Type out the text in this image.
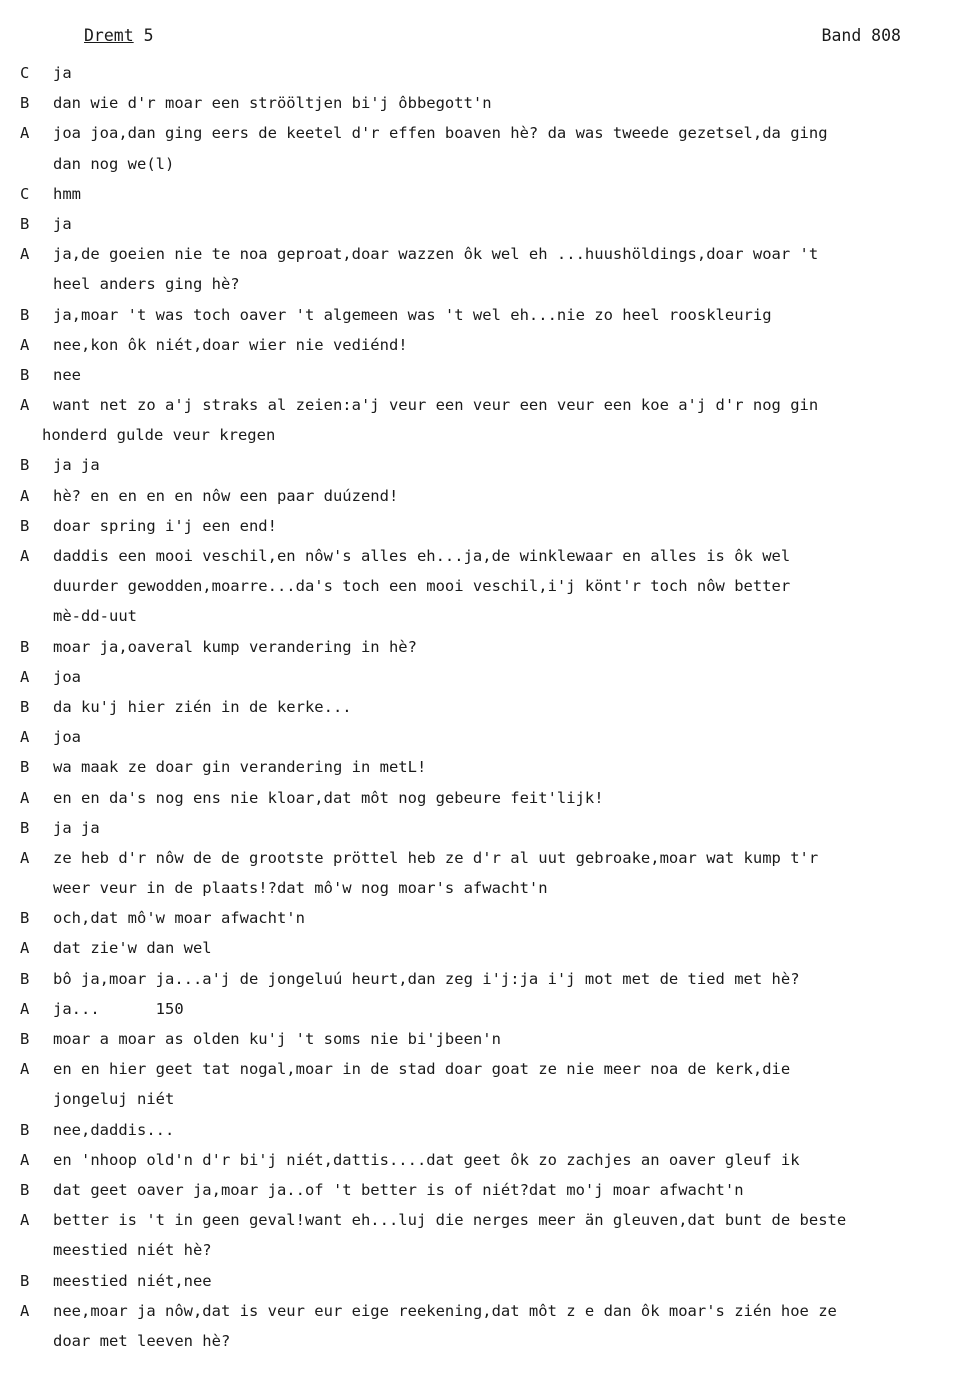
Dremt 5	Band 808
C ja
B dan wie d'r moar een strööltjen bi'j ôbbegott'n
A joa joa,dan ging eers de keetel d'r effen boaven hè? da was tweede gezetsel,da ging
dan nog we(l)
C hmm
B ja
A ja,de goeien nie te noa geproat,doar wazzen ôk wel eh ...huushöldings,doar woar 't
heel anders ging hè?
B ja,moar 't was toch oaver 't algemeen was 't wel eh...nie zo heel rooskleurig
A nee,kon ôk niét,doar wier nie vediénd!
B nee
A want net zo a'j straks al zeien:a'j veur een veur een veur een koe a'j d'r nog gin
honderd gulde veur kregen
B ja ja
A hè? en en en en nôw een paar duúzend!
B doar spring i'j een end!
A daddis een mooi veschil,en nôw's alles eh...ja,de winklewaar en alles is ôk wel
duurder gewodden,moarre...da's toch een mooi veschil,i'j könt'r toch nôw better
mè-dd-uut
B moar ja,oaveral kump verandering in hè?
A joa
B da ku'j hier zién in de kerke...
A joa
B wa maak ze doar gin verandering in metL!
A en en da's nog ens nie kloar,dat môt nog gebeure feit'lijk!
B ja ja
A ze heb d'r nôw de de grootste pröttel heb ze d'r al uut gebroake,moar wat kump t'r
weer veur in de plaats!?dat mô'w nog moar's afwacht'n
B och,dat mô'w moar afwacht'n
A dat zie'w dan wel
B bô ja,moar ja...a'j de jongeluú heurt,dan zeg i'j:ja i'j mot met de tied met hè?
A ja...      150
B moar a moar as olden ku'j 't soms nie bi'jbeen'n
A en en hier geet tat nogal,moar in de stad doar goat ze nie meer noa de kerk,die
jongeluj niét
B nee,daddis...
A en 'nhoop old'n d'r bi'j niét,dattis....dat geet ôk zo zachjes an oaver gleuf ik
B dat geet oaver ja,moar ja..of 't better is of niét?dat mo'j moar afwacht'n
A better is 't in geen geval!want eh...luj die nerges meer än gleuven,dat bunt de beste
meestied niét hè?
B meestied niét,nee
A nee,moar ja nôw,dat is veur eur eige reekening,dat môt z e dan ôk moar's zién hoe ze
doar met leeven hè?
